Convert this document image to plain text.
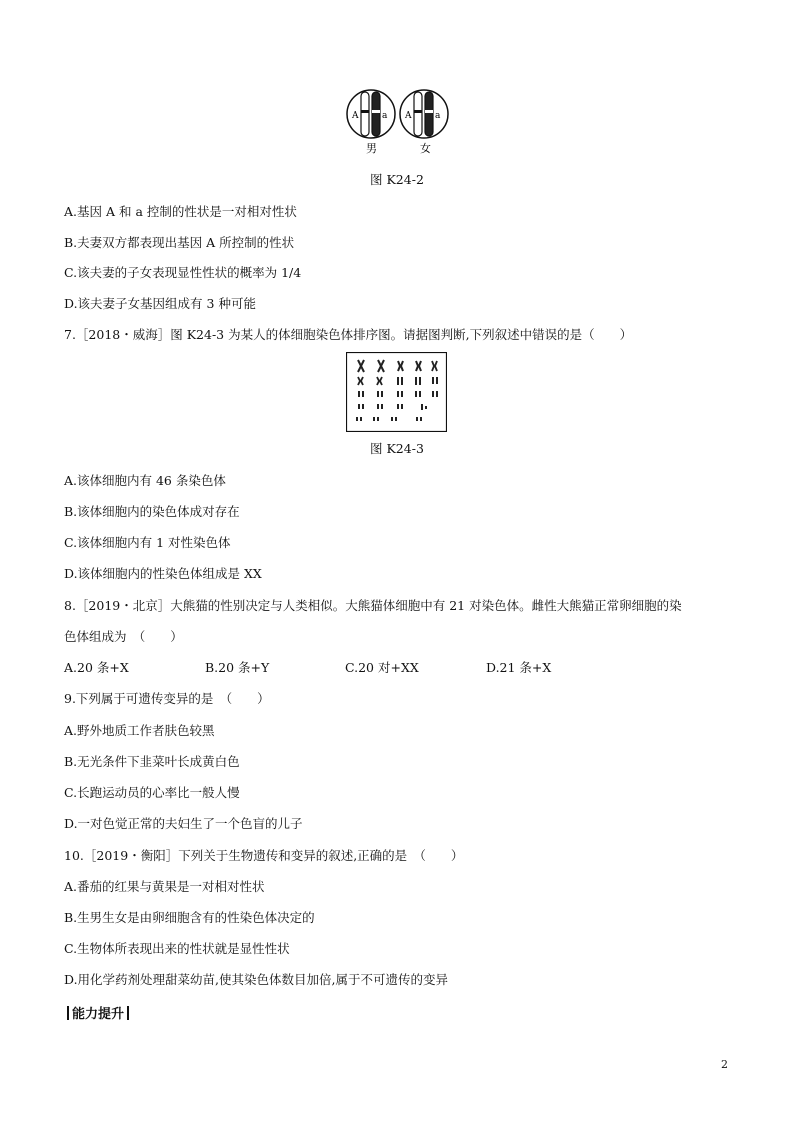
A	a A	a
男	女
图 K24-2
A.基因 A 和 a 控制的性状是一对相对性状
B.夫妻双方都表现出基因 A 所控制的性状
C.该夫妻的子女表现显性性状的概率为 1/4
D.该夫妻子女基因组成有 3 种可能
7.［2018・威海］图 K24-3 为某人的体细胞染色体排序图。请据图判断,下列叙述中错误的是（　　）
图 K24-3
A.该体细胞内有 46 条染色体
B.该体细胞内的染色体成对存在
C.该体细胞内有 1 对性染色体
D.该体细胞内的性染色体组成是 XX
8.［2019・北京］大熊猫的性别决定与人类相似。大熊猫体细胞中有 21 对染色体。雌性大熊猫正常卵细胞的染
色体组成为　（　　）
A.20 条+X	B.20 条+Y	C.20 对+XX	D.21 条+X
9.下列属于可遗传变异的是　（　　）
A.野外地质工作者肤色较黑
B.无光条件下韭菜叶长成黄白色
C.长跑运动员的心率比一般人慢
D.一对色觉正常的夫妇生了一个色盲的儿子
10.［2019・衡阳］下列关于生物遗传和变异的叙述,正确的是　（　　）
A.番茄的红果与黄果是一对相对性状
B.生男生女是由卵细胞含有的性染色体决定的
C.生物体所表现出来的性状就是显性性状
D.用化学药剂处理甜菜幼苗,使其染色体数目加倍,属于不可遗传的变异
能力提升
2
